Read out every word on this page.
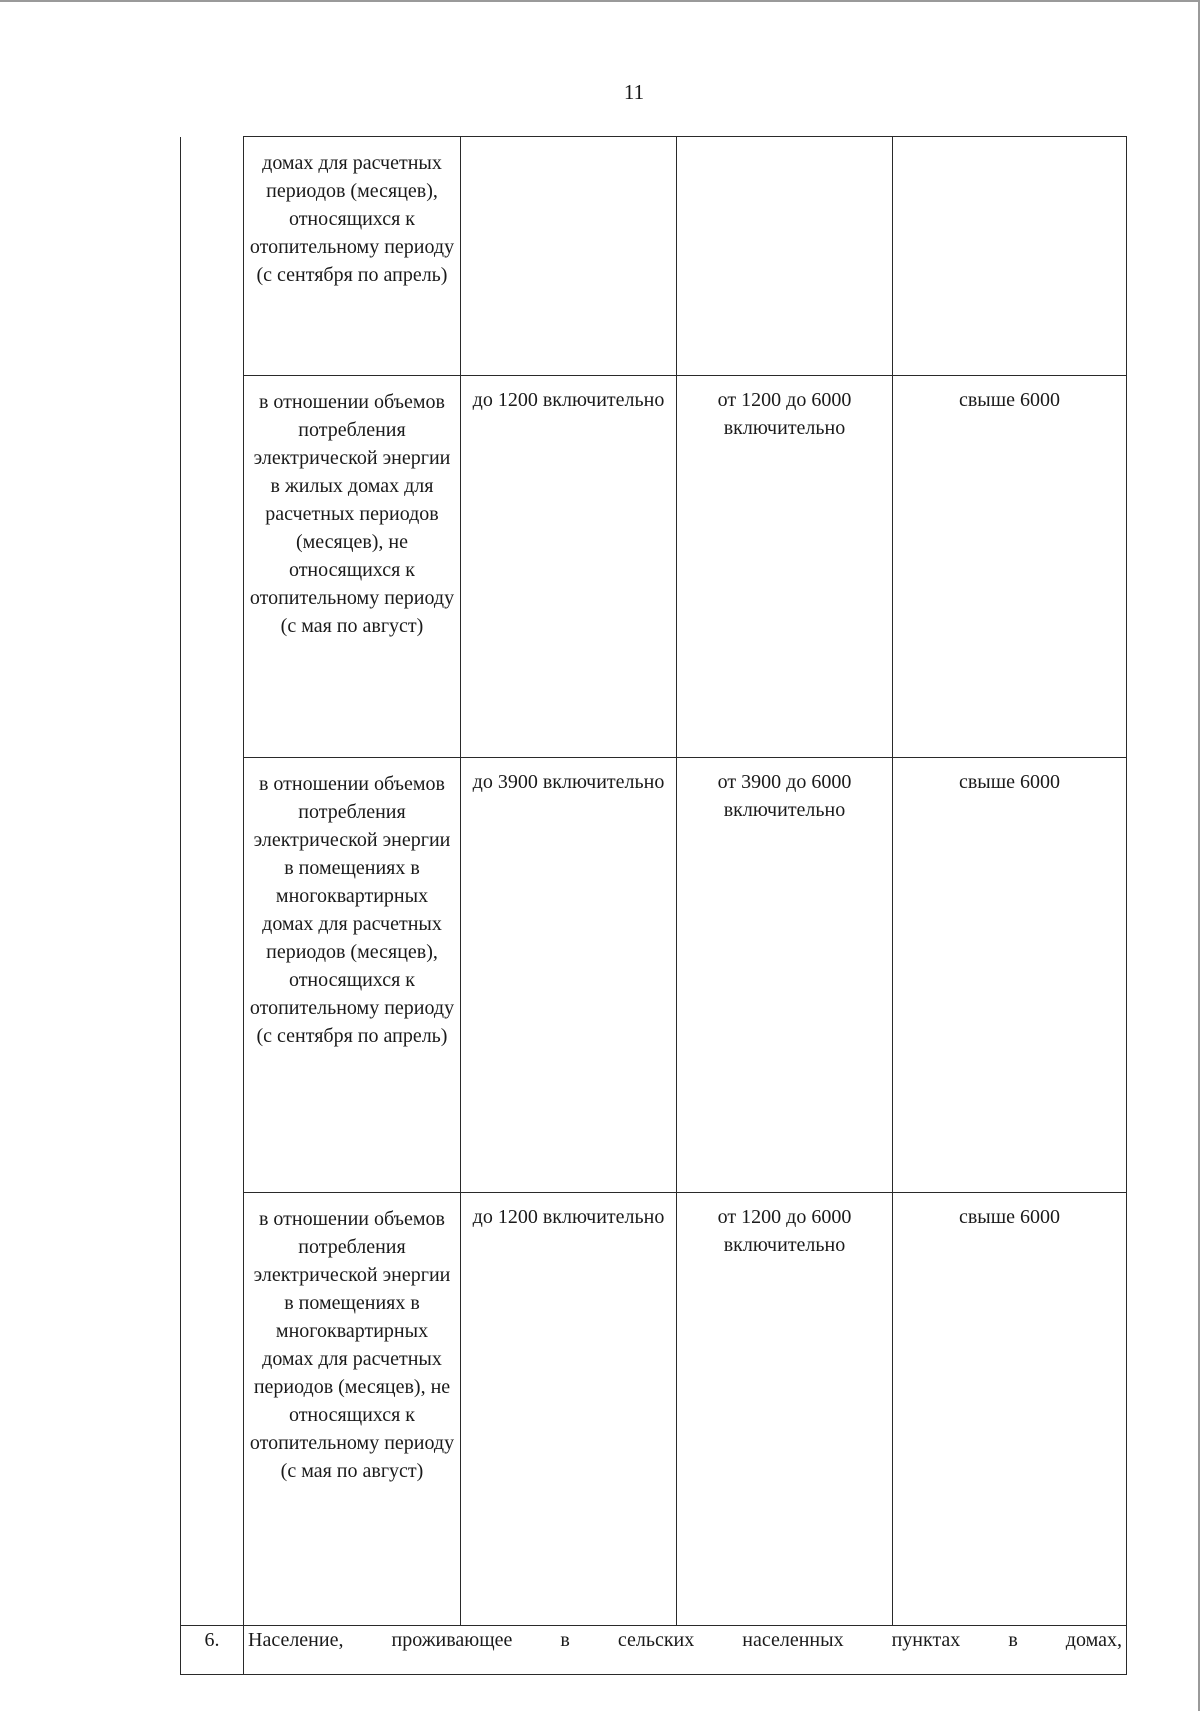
11
	домах для расчетных периодов (месяцев), относящихся к отопительному периоду (с сентября по апрель)			
	в отношении объемов потребления электрической энергии в жилых домах для расчетных периодов (месяцев), не относящихся к отопительному периоду (с мая по август)	до 1200 включительно	от 1200 до 6000 включительно	свыше 6000
	в отношении объемов потребления электрической энергии в помещениях в многоквартирных домах для расчетных периодов (месяцев), относящихся к отопительному периоду (с сентября по апрель)	до 3900 включительно	от 3900 до 6000 включительно	свыше 6000
	в отношении объемов потребления электрической энергии в помещениях в многоквартирных домах для расчетных периодов (месяцев), не относящихся к отопительному периоду (с мая по август)	до 1200 включительно	от 1200 до 6000 включительно	свыше 6000
6.	Население, проживающее в сельских населенных пунктах в домах,			
